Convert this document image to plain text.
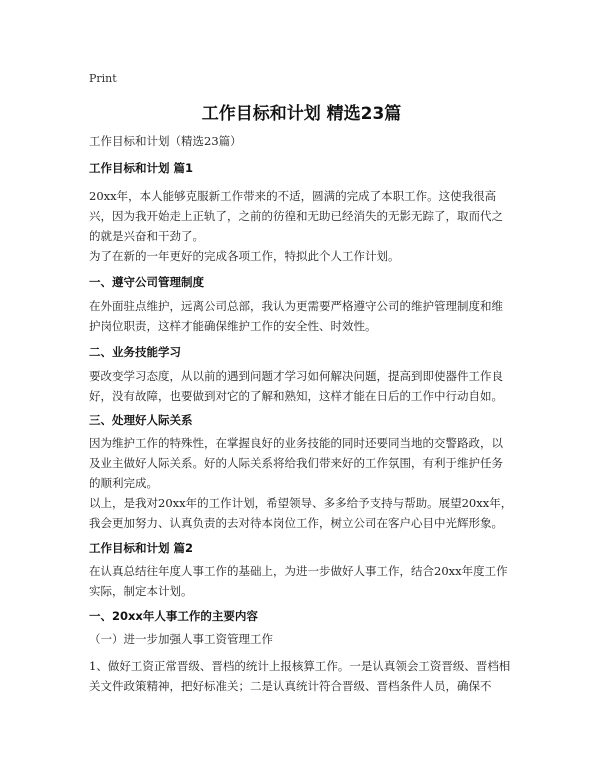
Print
工作目标和计划 精选23篇
工作目标和计划（精选23篇）
工作目标和计划 篇1
20xx年，本人能够克服新工作带来的不适，圆满的完成了本职工作。这使我很高兴，因为我开始走上正轨了，之前的彷徨和无助已经消失的无影无踪了，取而代之的就是兴奋和干劲了。
为了在新的一年更好的完成各项工作，特拟此个人工作计划。
一、遵守公司管理制度
在外面驻点维护，远离公司总部，我认为更需要严格遵守公司的维护管理制度和维护岗位职责，这样才能确保维护工作的安全性、时效性。
二、业务技能学习
要改变学习态度，从以前的遇到问题才学习如何解决问题，提高到即使器件工作良好，没有故障，也要做到对它的了解和熟知，这样才能在日后的工作中行动自如。
三、处理好人际关系
因为维护工作的特殊性，在掌握良好的业务技能的同时还要同当地的交警路政，以及业主做好人际关系。好的人际关系将给我们带来好的工作氛围，有利于维护任务的顺利完成。
以上，是我对20xx年的工作计划，希望领导、多多给予支持与帮助。展望20xx年，我会更加努力、认真负责的去对待本岗位工作，树立公司在客户心目中光辉形象。
工作目标和计划 篇2
在认真总结往年度人事工作的基础上，为进一步做好人事工作，结合20xx年度工作实际，制定本计划。
一、20xx年人事工作的主要内容
（一）进一步加强人事工资管理工作
1、做好工资正常晋级、晋档的统计上报核算工作。一是认真领会工资晋级、晋档相关文件政策精神，把好标准关；二是认真统计符合晋级、晋档条件人员，确保不
